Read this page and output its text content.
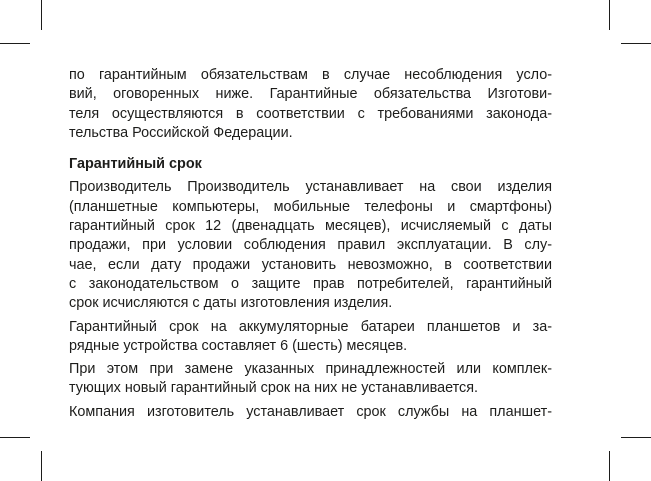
по гарантийным обязательствам в случае несоблюдения усло-
вий, оговоренных ниже. Гарантийные обязательства Изготови-
теля осуществляются в соответствии с требованиями законода-
тельства Российской Федерации.

Гарантийный срок

Производитель Производитель устанавливает на свои изделия
(планшетные компьютеры, мобильные телефоны и смартфоны)
гарантийный срок 12 (двенадцать месяцев), исчисляемый с даты
продажи, при условии соблюдения правил эксплуатации. В слу-
чае, если дату продажи установить невозможно, в соответствии
с законодательством о защите прав потребителей, гарантийный
срок исчисляются с даты изготовления изделия.

Гарантийный срок на аккумуляторные батареи планшетов и за-
рядные устройства составляет 6 (шесть) месяцев.

При этом при замене указанных принадлежностей или комплек-
тующих новый гарантийный срок на них не устанавливается.

Компания изготовитель устанавливает срок службы на планшет-
